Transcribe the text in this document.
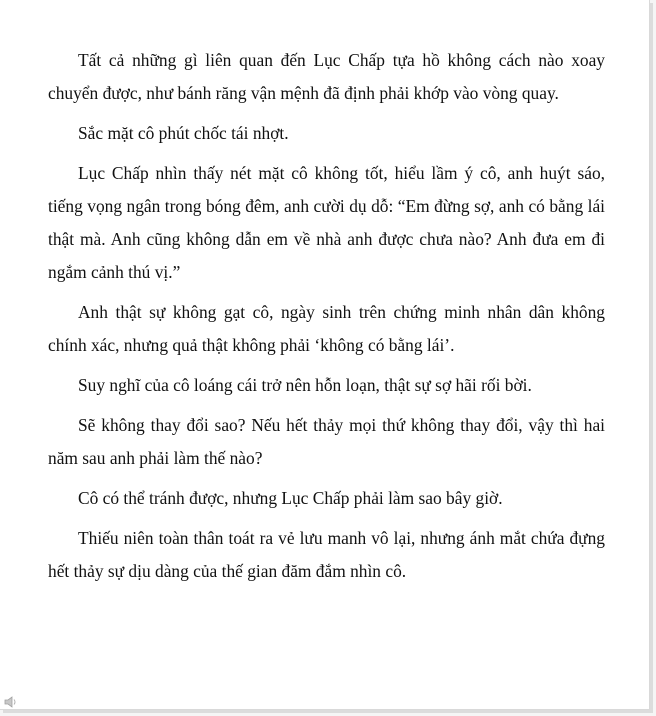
Tất cả những gì liên quan đến Lục Chấp tựa hồ không cách nào xoay chuyển được, như bánh răng vận mệnh đã định phải khớp vào vòng quay.

Sắc mặt cô phút chốc tái nhợt.

Lục Chấp nhìn thấy nét mặt cô không tốt, hiểu lầm ý cô, anh huýt sáo, tiếng vọng ngân trong bóng đêm, anh cười dụ dỗ: “Em đừng sợ, anh có bằng lái thật mà. Anh cũng không dẫn em về nhà anh được chưa nào? Anh đưa em đi ngắm cảnh thú vị.”

Anh thật sự không gạt cô, ngày sinh trên chứng minh nhân dân không chính xác, nhưng quả thật không phải ‘không có bằng lái’.

Suy nghĩ của cô loáng cái trở nên hỗn loạn, thật sự sợ hãi rối bời.

Sẽ không thay đổi sao? Nếu hết thảy mọi thứ không thay đổi, vậy thì hai năm sau anh phải làm thế nào?

Cô có thể tránh được, nhưng Lục Chấp phải làm sao bây giờ.

Thiếu niên toàn thân toát ra vẻ lưu manh vô lại, nhưng ánh mắt chứa đựng hết thảy sự dịu dàng của thế gian đăm đắm nhìn cô.
